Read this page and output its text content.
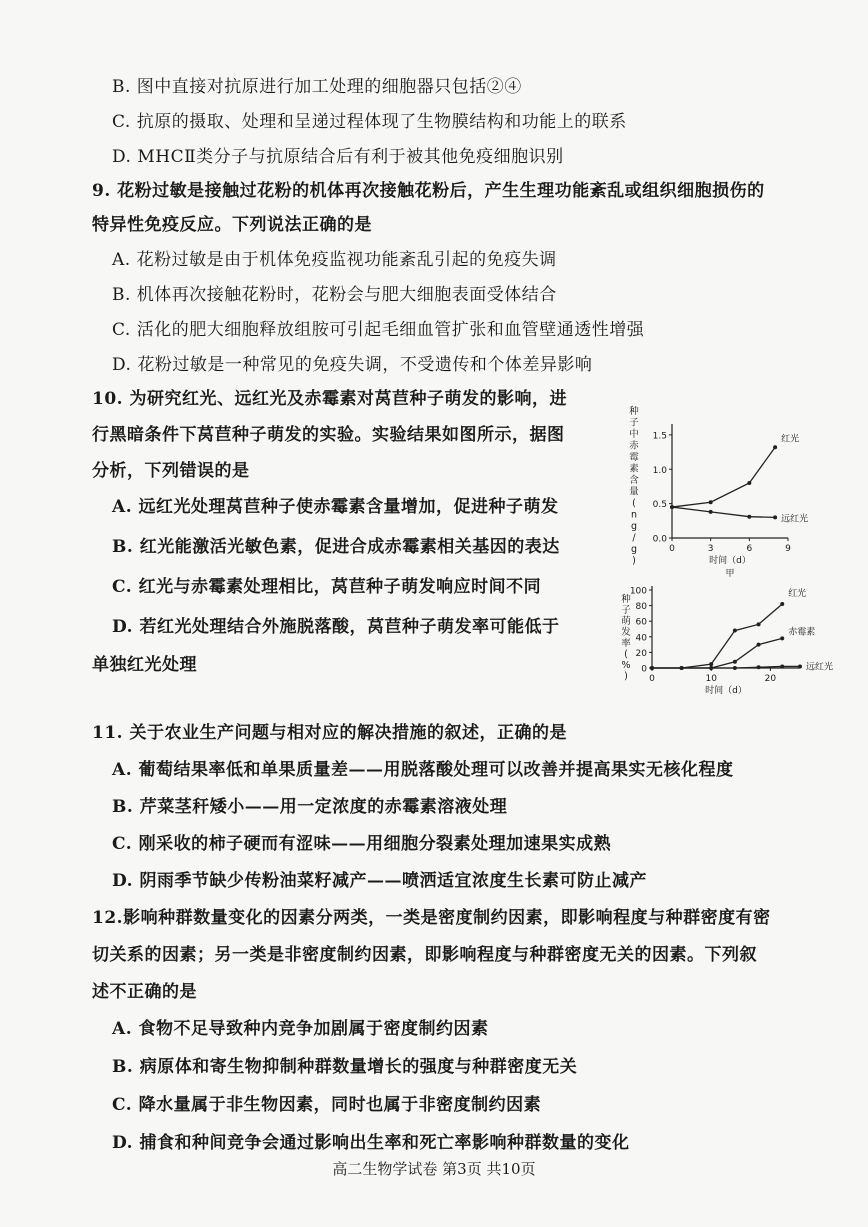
B. 图中直接对抗原进行加工处理的细胞器只包括②④
C. 抗原的摄取、处理和呈递过程体现了生物膜结构和功能上的联系
D. MHCⅡ类分子与抗原结合后有利于被其他免疫细胞识别
9. 花粉过敏是接触过花粉的机体再次接触花粉后，产生生理功能紊乱或组织细胞损伤的
特异性免疫反应。下列说法正确的是
A. 花粉过敏是由于机体免疫监视功能紊乱引起的免疫失调
B. 机体再次接触花粉时，花粉会与肥大细胞表面受体结合
C. 活化的肥大细胞释放组胺可引起毛细血管扩张和血管壁通透性增强
D. 花粉过敏是一种常见的免疫失调，不受遗传和个体差异影响
10. 为研究红光、远红光及赤霉素对莴苣种子萌发的影响，进
行黑暗条件下莴苣种子萌发的实验。实验结果如图所示，据图
分析，下列错误的是
A. 远红光处理莴苣种子使赤霉素含量增加，促进种子萌发
B. 红光能激活光敏色素，促进合成赤霉素相关基因的表达
C. 红光与赤霉素处理相比，莴苣种子萌发响应时间不同
D. 若红光处理结合外施脱落酸，莴苣种子萌发率可能低于
单独红光处理
0.0
0.5
1.0
1.5
0	3	6	9
时间（d）
种
子
中
赤
霉
素
含
量
(
n
g
/
g
)
红光
远红光
甲
0
20
40
60
80
100
0	10	20
时间（d）
种
子
萌
发
率
(
%
)
红光
赤霉素
远红光
11. 关于农业生产问题与相对应的解决措施的叙述，正确的是
A. 葡萄结果率低和单果质量差——用脱落酸处理可以改善并提高果实无核化程度
B. 芹菜茎秆矮小——用一定浓度的赤霉素溶液处理
C. 刚采收的柿子硬而有涩味——用细胞分裂素处理加速果实成熟
D. 阴雨季节缺少传粉油菜籽减产——喷洒适宜浓度生长素可防止减产
12.影响种群数量变化的因素分两类，一类是密度制约因素，即影响程度与种群密度有密
切关系的因素；另一类是非密度制约因素，即影响程度与种群密度无关的因素。下列叙
述不正确的是
A. 食物不足导致种内竞争加剧属于密度制约因素
B. 病原体和寄生物抑制种群数量增长的强度与种群密度无关
C. 降水量属于非生物因素，同时也属于非密度制约因素
D. 捕食和种间竞争会通过影响出生率和死亡率影响种群数量的变化
高二生物学试卷 第3页 共10页
